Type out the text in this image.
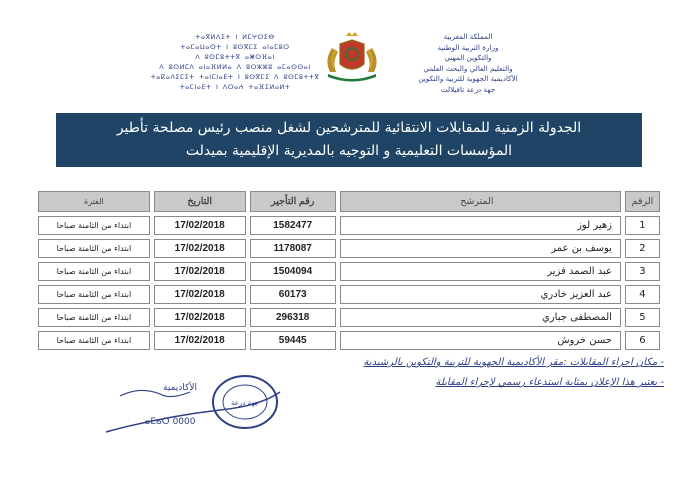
ⵜⴰⴳⵍⴷⵉⵜ ⵏ ⵍⵎⵖⵔⵉⴱ
ⵜⴰⵎⴰⵡⴰⵙⵜ ⵏ ⵓⵙⴳⵎⵉ ⴰⵏⴰⵎⵓⵔ
ⴷ ⵓⵙⵎⵓⵜⵜⴳ ⴰⵥⵔⴼⴰⵏ
ⴷ ⵓⵙⵍⵎⴷ ⴰⵏⴰⴼⵍⵍⴰ ⴷ ⵓⵔⵣⵣⵓ ⴰⵎⴰⵙⵙⴰⵏ
ⵜⴰⴽⴰⴷⵉⵎⵉⵜ ⵜⴰⵏⵎⵏⴰⴹⵜ ⵏ ⵓⵙⴳⵎⵉ ⴷ ⵓⵙⵎⵓⵜⵜⴳ
ⵜⴰⵎⵏⴰⴹⵜ ⵏ ⴷⵔⴰⵄ ⵜⴰⴼⵉⵍⴰⵍⵜ
المملكة المغربية
وزارة التربية الوطنية
والتكوين المهني
والتعليم العالي والبحث العلمي
الأكاديمية الجهوية للتربية والتكوين
جهة درعة تافيلالت
الجدولة الزمنية للمقابلات الانتقائية للمترشحين لشغل منصب رئيس مصلحة تأطير
المؤسسات التعليمية و التوجيه بالمديرية الإقليمية بميدلت
الرقم	المترشح	رقم التأجير	التاريخ	الفترة
1	زهير لوز	1582477	17/02/2018	ابتداء من الثامنة صباحا
2	يوسف بن عمر	1178087	17/02/2018	ابتداء من الثامنة صباحا
3	عبد الصمد فزير	1504094	17/02/2018	ابتداء من الثامنة صباحا
4	عبد العزيز خادري	60173	17/02/2018	ابتداء من الثامنة صباحا
5	المصطفى جباري	296318	17/02/2018	ابتداء من الثامنة صباحا
6	حسن خروش	59445	17/02/2018	ابتداء من الثامنة صباحا
- مكان اجراء المقابلات :مقر الأكاديمية الجهوية للتربية والتكوين بالرشيدية
- يعتبر هذا الإعلان بمثابة استدعاء رسمي لإجراء المقابلة
الأكاديمية
جهة درعة
ⴰⵎⴰⵔ 0000
